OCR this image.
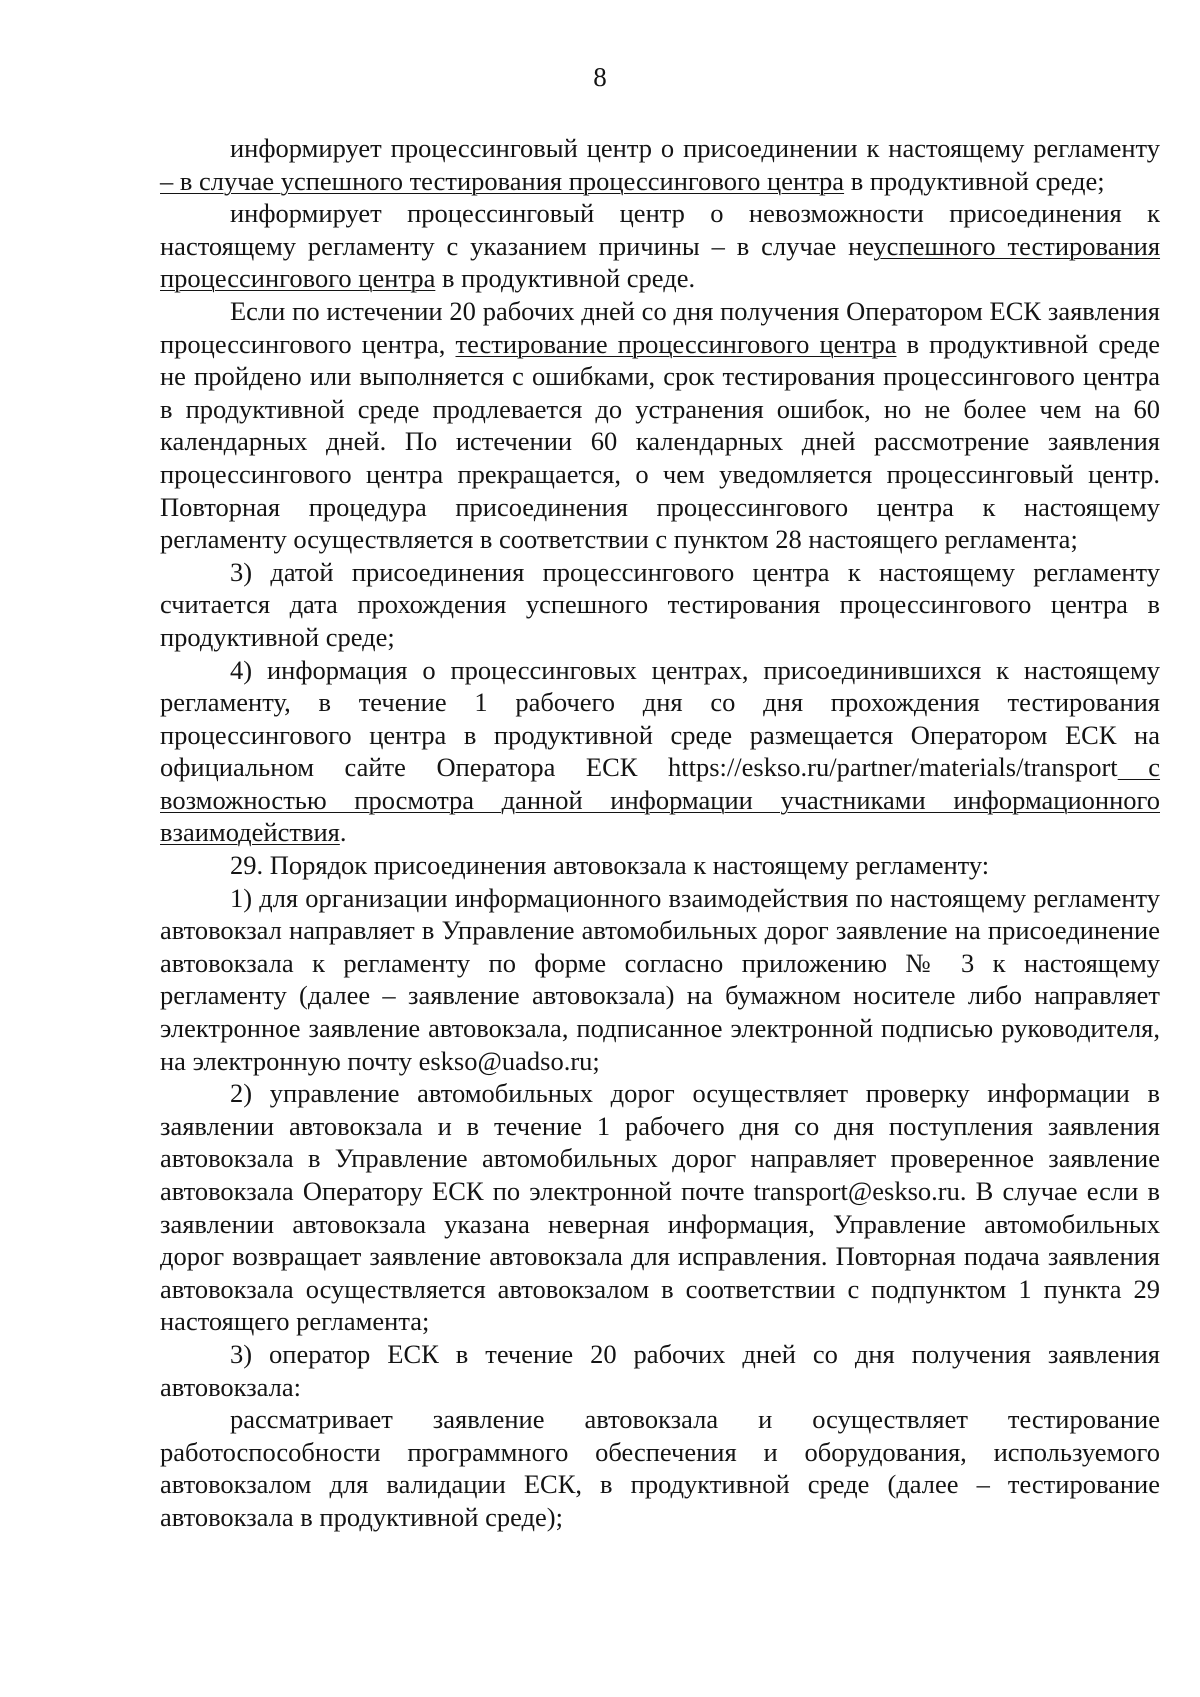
8

информирует процессинговый центр о присоединении к настоящему регламенту – в случае успешного тестирования процессингового центра в продуктивной среде;

информирует процессинговый центр о невозможности присоединения к настоящему регламенту с указанием причины – в случае неуспешного тестирования процессингового центра в продуктивной среде.

Если по истечении 20 рабочих дней со дня получения Оператором ЕСК заявления процессингового центра, тестирование процессингового центра в продуктивной среде не пройдено или выполняется с ошибками, срок тестирования процессингового центра в продуктивной среде продлевается до устранения ошибок, но не более чем на 60 календарных дней. По истечении 60 календарных дней рассмотрение заявления процессингового центра прекращается, о чем уведомляется процессинговый центр. Повторная процедура присоединения процессингового центра к настоящему регламенту осуществляется в соответствии с пунктом 28 настоящего регламента;

3) датой присоединения процессингового центра к настоящему регламенту считается дата прохождения успешного тестирования процессингового центра в продуктивной среде;

4) информация о процессинговых центрах, присоединившихся к настоящему регламенту, в течение 1 рабочего дня со дня прохождения тестирования процессингового центра в продуктивной среде размещается Оператором ЕСК на официальном сайте Оператора ЕСК https://eskso.ru/partner/materials/transport с возможностью просмотра данной информации участниками информационного взаимодействия.

29. Порядок присоединения автовокзала к настоящему регламенту:

1) для организации информационного взаимодействия по настоящему регламенту автовокзал направляет в Управление автомобильных дорог заявление на присоединение автовокзала к регламенту по форме согласно приложению № 3 к настоящему регламенту (далее – заявление автовокзала) на бумажном носителе либо направляет электронное заявление автовокзала, подписанное электронной подписью руководителя, на электронную почту eskso@uadso.ru;

2) управление автомобильных дорог осуществляет проверку информации в заявлении автовокзала и в течение 1 рабочего дня со дня поступления заявления автовокзала в Управление автомобильных дорог направляет проверенное заявление автовокзала Оператору ЕСК по электронной почте transport@eskso.ru. В случае если в заявлении автовокзала указана неверная информация, Управление автомобильных дорог возвращает заявление автовокзала для исправления. Повторная подача заявления автовокзала осуществляется автовокзалом в соответствии с подпунктом 1 пункта 29 настоящего регламента;

3) оператор ЕСК в течение 20 рабочих дней со дня получения заявления автовокзала:

рассматривает заявление автовокзала и осуществляет тестирование работоспособности программного обеспечения и оборудования, используемого автовокзалом для валидации ЕСК, в продуктивной среде (далее – тестирование автовокзала в продуктивной среде);
